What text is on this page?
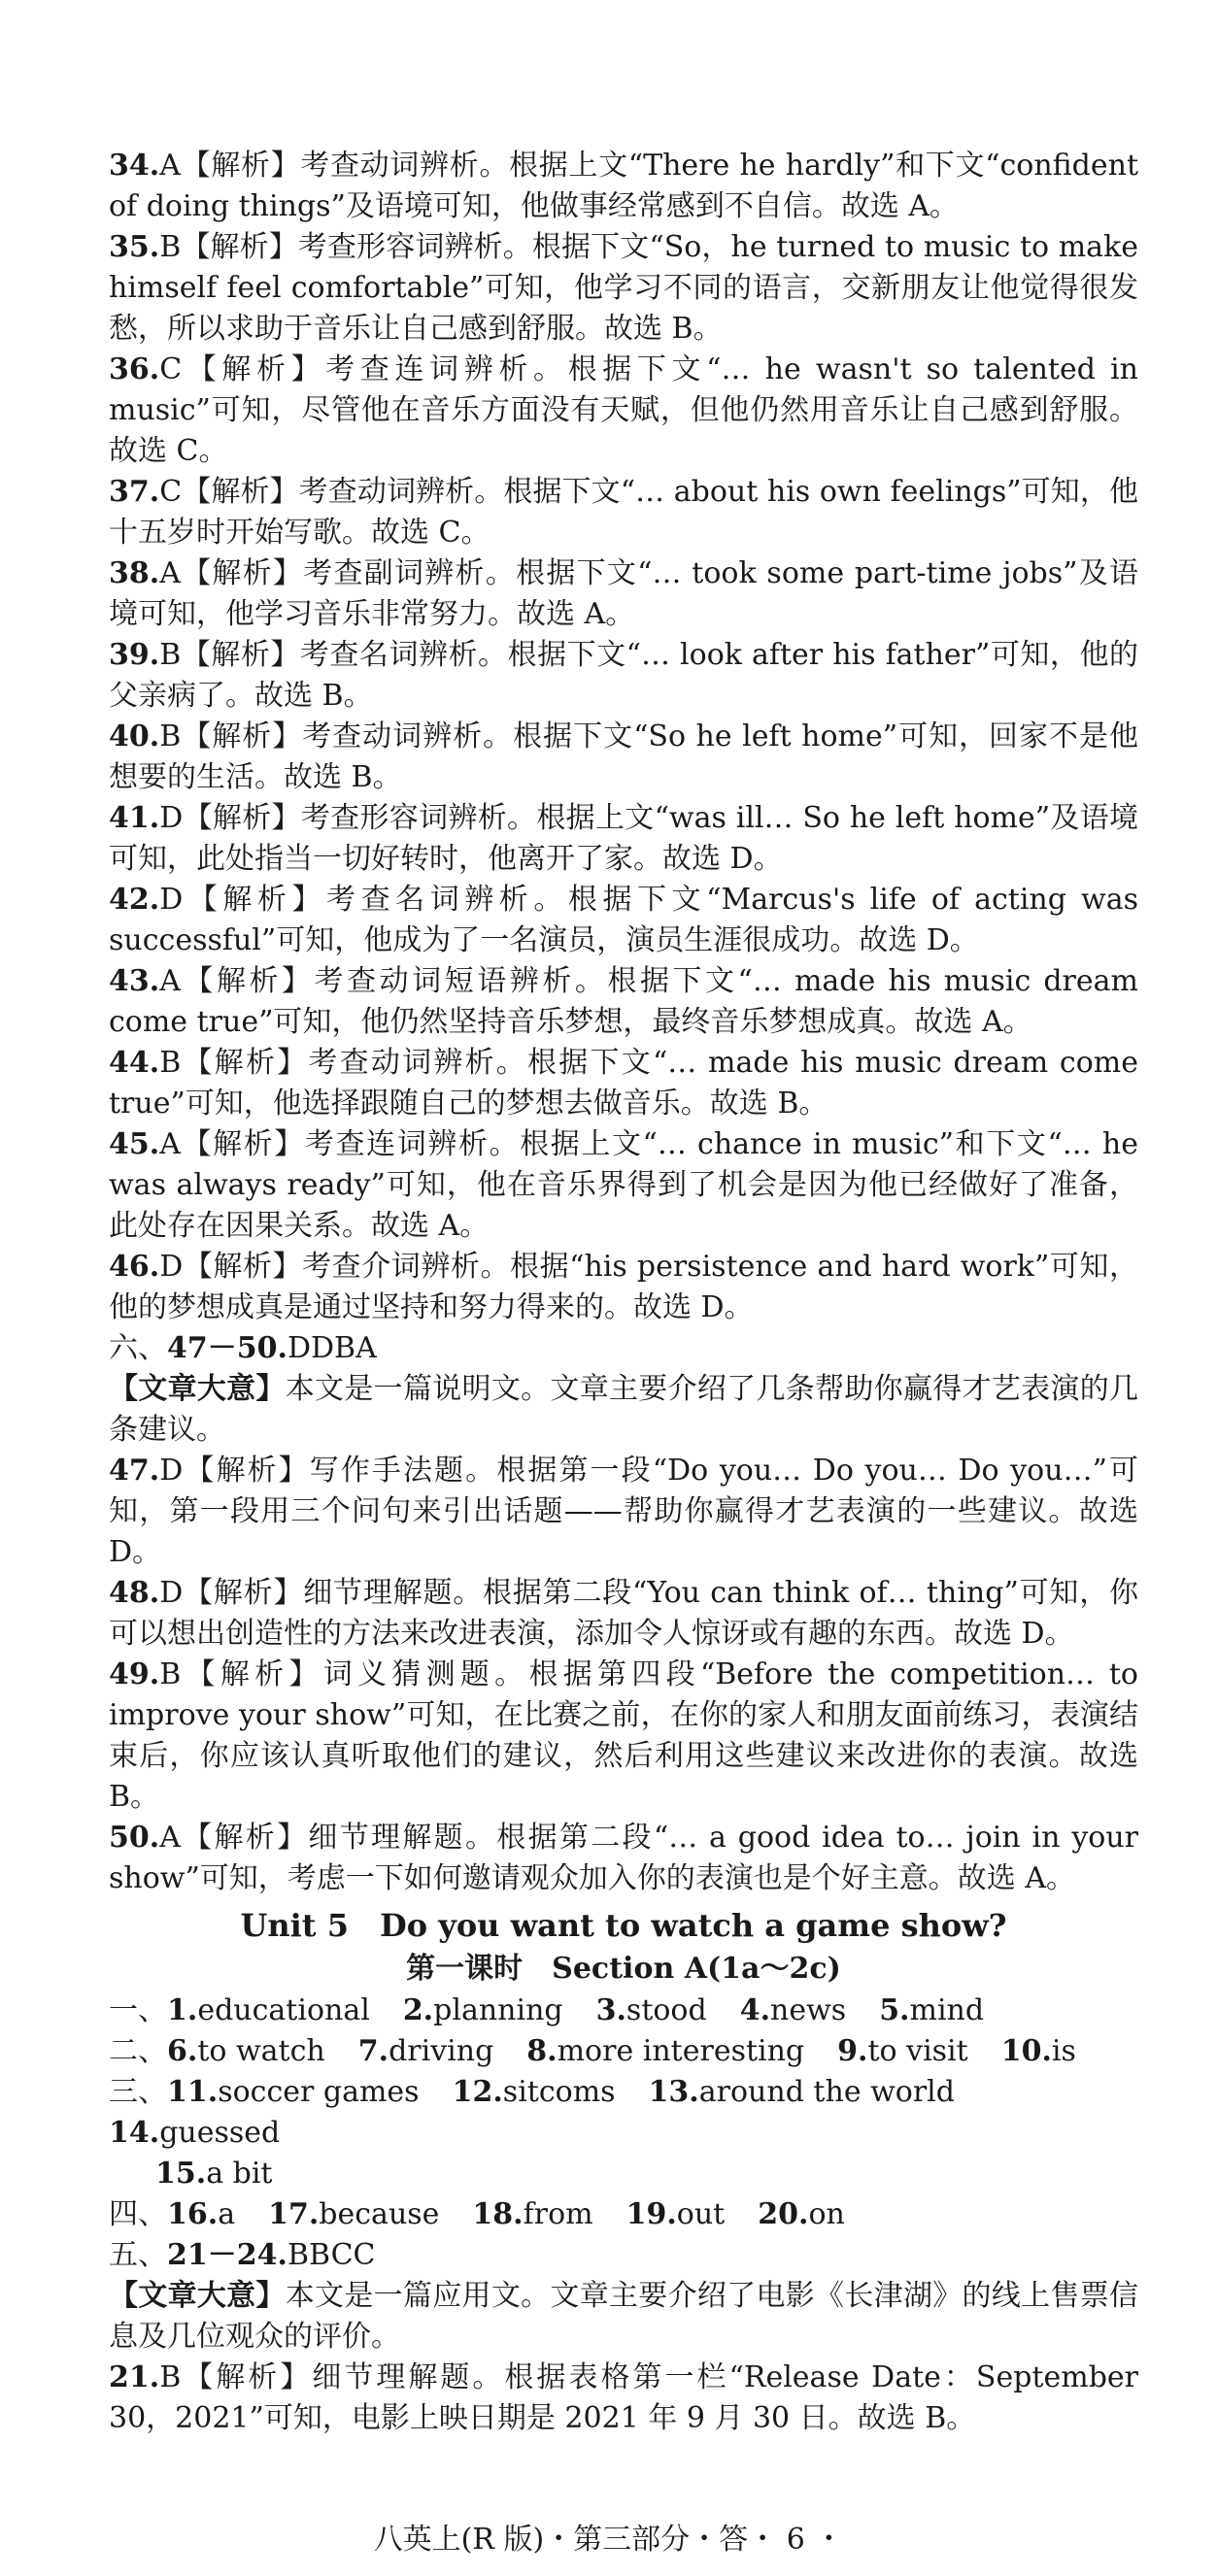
34.A【解析】考查动词辨析。根据上文“There he hardly”和下文“confident of doing things”及语境可知，他做事经常感到不自信。故选 A。
35.B【解析】考查形容词辨析。根据下文“So，he turned to music to make himself feel comfortable”可知，他学习不同的语言，交新朋友让他觉得很发愁，所以求助于音乐让自己感到舒服。故选 B。
36.C【解析】考查连词辨析。根据下文“… he wasn't so talented in music”可知，尽管他在音乐方面没有天赋，但他仍然用音乐让自己感到舒服。故选 C。
37.C【解析】考查动词辨析。根据下文“… about his own feelings”可知，他十五岁时开始写歌。故选 C。
38.A【解析】考查副词辨析。根据下文“… took some part-time jobs”及语境可知，他学习音乐非常努力。故选 A。
39.B【解析】考查名词辨析。根据下文“… look after his father”可知，他的父亲病了。故选 B。
40.B【解析】考查动词辨析。根据下文“So he left home”可知，回家不是他想要的生活。故选 B。
41.D【解析】考查形容词辨析。根据上文“was ill… So he left home”及语境可知，此处指当一切好转时，他离开了家。故选 D。
42.D【解析】考查名词辨析。根据下文“Marcus's life of acting was successful”可知，他成为了一名演员，演员生涯很成功。故选 D。
43.A【解析】考查动词短语辨析。根据下文“… made his music dream come true”可知，他仍然坚持音乐梦想，最终音乐梦想成真。故选 A。
44.B【解析】考查动词辨析。根据下文“… made his music dream come true”可知，他选择跟随自己的梦想去做音乐。故选 B。
45.A【解析】考查连词辨析。根据上文“… chance in music”和下文“… he was always ready”可知，他在音乐界得到了机会是因为他已经做好了准备，此处存在因果关系。故选 A。
46.D【解析】考查介词辨析。根据“his persistence and hard work”可知，他的梦想成真是通过坚持和努力得来的。故选 D。
六、47－50.DDBA
【文章大意】本文是一篇说明文。文章主要介绍了几条帮助你赢得才艺表演的几条建议。
47.D【解析】写作手法题。根据第一段“Do you… Do you… Do you…”可知，第一段用三个问句来引出话题——帮助你赢得才艺表演的一些建议。故选 D。
48.D【解析】细节理解题。根据第二段“You can think of… thing”可知，你可以想出创造性的方法来改进表演，添加令人惊讶或有趣的东西。故选 D。
49.B【解析】词义猜测题。根据第四段“Before the competition… to improve your show”可知，在比赛之前，在你的家人和朋友面前练习，表演结束后，你应该认真听取他们的建议，然后利用这些建议来改进你的表演。故选 B。
50.A【解析】细节理解题。根据第二段“… a good idea to… join in your show”可知，考虑一下如何邀请观众加入你的表演也是个好主意。故选 A。
Unit 5　Do you want to watch a game show?
第一课时　Section A(1a～2c)
一、 1.educational 2.planning 3.stood 4.news 5.mind
二、 6.to watch 7.driving 8.more interesting 9.to visit 10.is
三、 11.soccer games 12.sitcoms 13.around the world
14.guessed
15.a bit
四、 16.a 17.because 18.from 19.out 20.on
五、21－24.BBCC
【文章大意】本文是一篇应用文。文章主要介绍了电影《长津湖》的线上售票信息及几位观众的评价。
21.B【解析】细节理解题。根据表格第一栏“Release Date：September 30，2021”可知，电影上映日期是 2021 年 9 月 30 日。故选 B。
八英上(R 版)・第三部分・答・ 6 ・
